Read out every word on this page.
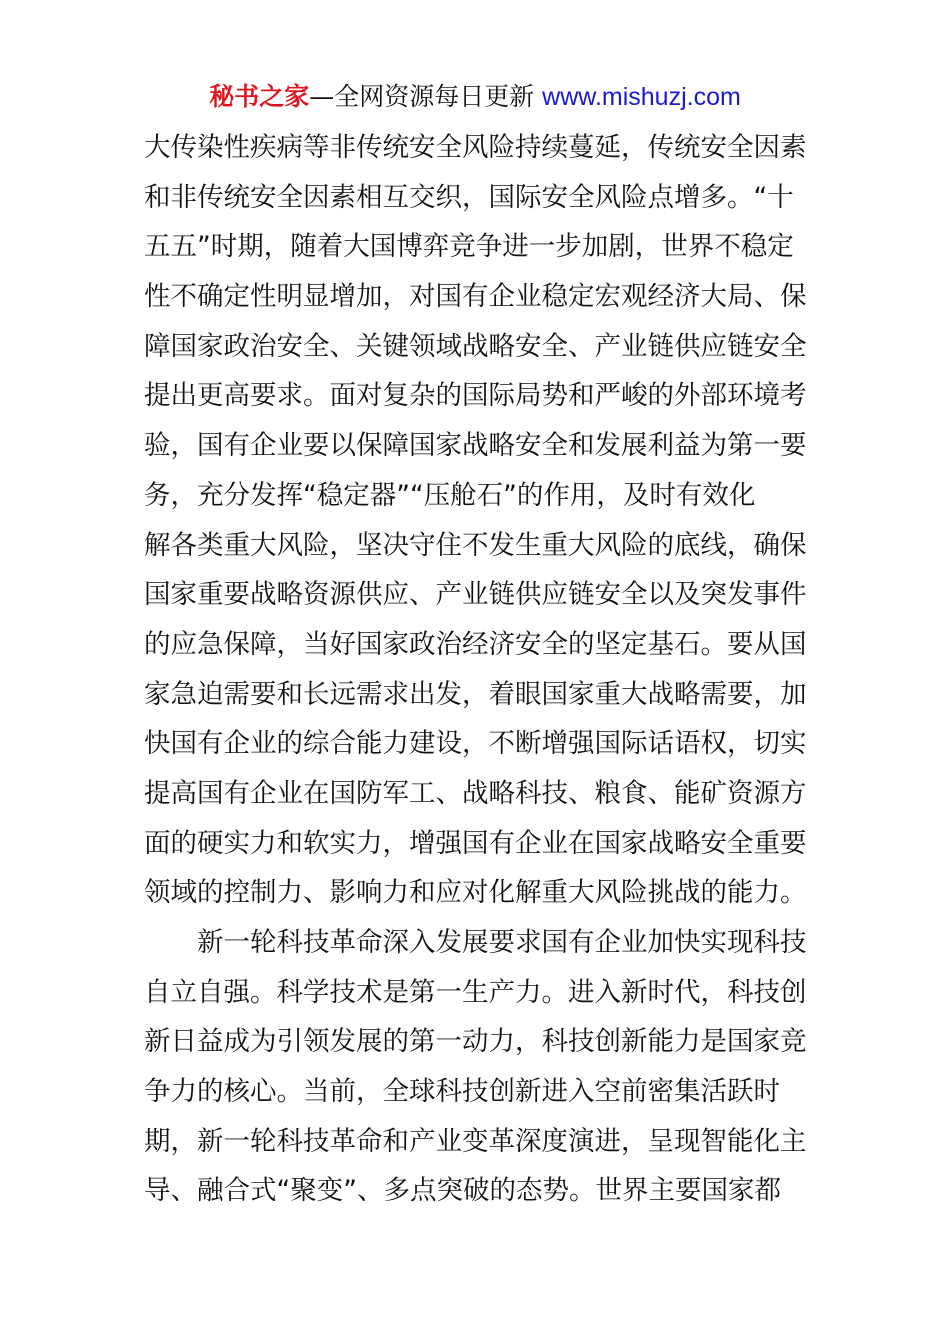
秘书之家—全网资源每日更新 www.mishuzj.com
大传染性疾病等非传统安全风险持续蔓延，传统安全因素
和非传统安全因素相互交织，国际安全风险点增多。“十
五五”时期，随着大国博弈竞争进一步加剧，世界不稳定
性不确定性明显增加，对国有企业稳定宏观经济大局、保
障国家政治安全、关键领域战略安全、产业链供应链安全
提出更高要求。面对复杂的国际局势和严峻的外部环境考
验，国有企业要以保障国家战略安全和发展利益为第一要
务，充分发挥“稳定器”“压舱石”的作用，及时有效化
解各类重大风险，坚决守住不发生重大风险的底线，确保
国家重要战略资源供应、产业链供应链安全以及突发事件
的应急保障，当好国家政治经济安全的坚定基石。要从国
家急迫需要和长远需求出发，着眼国家重大战略需要，加
快国有企业的综合能力建设，不断增强国际话语权，切实
提高国有企业在国防军工、战略科技、粮食、能矿资源方
面的硬实力和软实力，增强国有企业在国家战略安全重要
领域的控制力、影响力和应对化解重大风险挑战的能力。
新一轮科技革命深入发展要求国有企业加快实现科技
自立自强。科学技术是第一生产力。进入新时代，科技创
新日益成为引领发展的第一动力，科技创新能力是国家竞
争力的核心。当前，全球科技创新进入空前密集活跃时
期，新一轮科技革命和产业变革深度演进，呈现智能化主
导、融合式“聚变”、多点突破的态势。世界主要国家都
